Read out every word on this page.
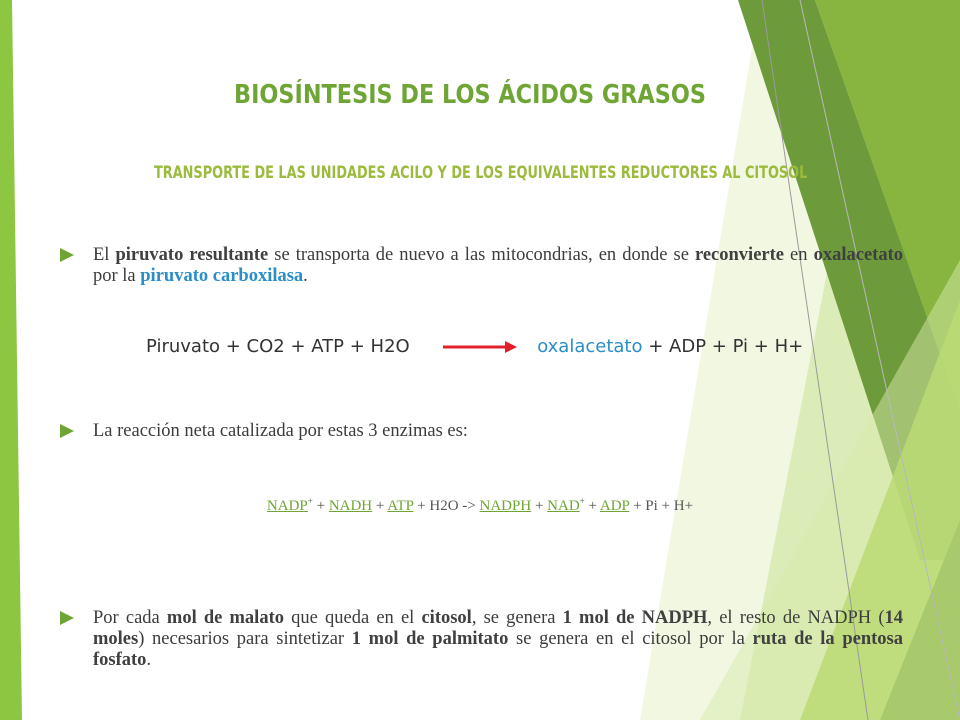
BIOSÍNTESIS DE LOS ÁCIDOS GRASOS
TRANSPORTE DE LAS UNIDADES ACILO Y DE LOS EQUIVALENTES REDUCTORES AL CITOSOL
El piruvato resultante se transporta de nuevo a las mitocondrias, en donde se reconvierte en oxalacetato por la piruvato carboxilasa.
Piruvato + CO2 + ATP + H2O	oxalacetato + ADP + Pi + H+
La reacción neta catalizada por estas 3 enzimas es:
NADP+ + NADH + ATP + H2O -> NADPH + NAD+ + ADP + Pi + H+
Por cada mol de malato que queda en el citosol, se genera 1 mol de NADPH, el resto de NADPH (14 moles) necesarios para sintetizar 1 mol de palmitato se genera en el citosol por la ruta de la pentosa fosfato.
